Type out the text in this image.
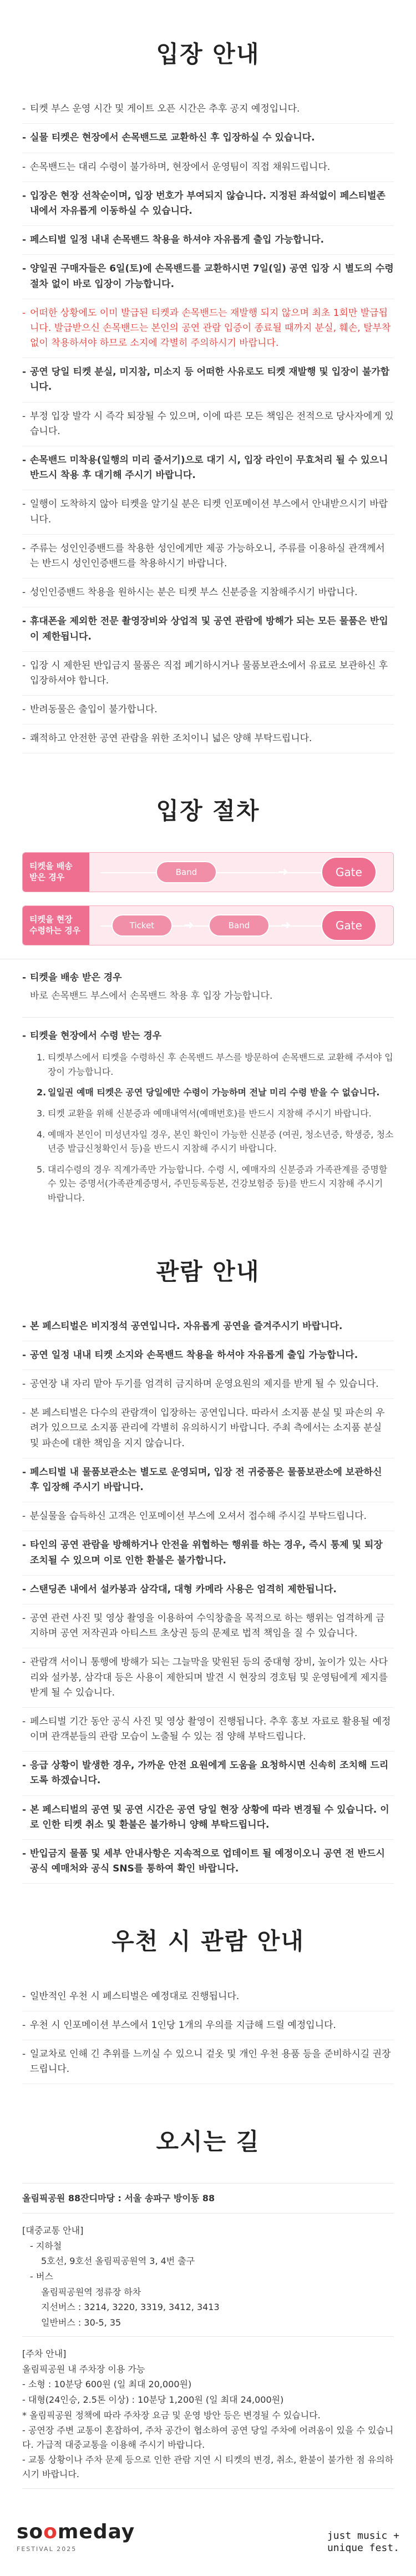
입장 안내
- 티켓 부스 운영 시간 및 게이트 오픈 시간은 추후 공지 예정입니다.
- 실물 티켓은 현장에서 손목밴드로 교환하신 후 입장하실 수 있습니다.
- 손목밴드는 대리 수령이 불가하며, 현장에서 운영팀이 직접 채워드립니다.
- 입장은 현장 선착순이며, 입장 번호가 부여되지 않습니다. 지정된 좌석없이 페스티벌존 내에서 자유롭게 이동하실 수 있습니다.
- 페스티벌 일정 내내 손목밴드 착용을 하셔야 자유롭게 출입 가능합니다.
- 양일권 구매자들은 6일(토)에 손목밴드를 교환하시면 7일(일) 공연 입장 시 별도의 수령절차 없이 바로 입장이 가능합니다.
- 어떠한 상황에도 이미 발급된 티켓과 손목밴드는 재발행 되지 않으며 최초 1회만 발급됩니다. 발급받으신 손목밴드는 본인의 공연 관람 입증이 종료될 때까지 분실, 훼손, 탈부착없이 착용하셔야 하므로 소지에 각별히 주의하시기 바랍니다.
- 공연 당일 티켓 분실, 미지참, 미소지 등 어떠한 사유로도 티켓 재발행 및 입장이 불가합니다.
- 부정 입장 발각 시 즉각 퇴장될 수 있으며, 이에 따른 모든 책임은 전적으로 당사자에게 있습니다.
- 손목밴드 미착용(일행의 미리 줄서기)으로 대기 시, 입장 라인이 무효처리 될 수 있으니 반드시 착용 후 대기해 주시기 바랍니다.
- 일행이 도착하지 않아 티켓을 알기실 분은 티켓 인포메이션 부스에서 안내받으시기 바랍니다.
- 주류는 성인인증밴드를 착용한 성인에게만 제공 가능하오니, 주류를 이용하실 관객께서는 반드시 성인인증밴드를 착용하시기 바랍니다.
- 성인인증밴드 착용을 원하시는 분은 티켓 부스 신분증을 지참해주시기 바랍니다.
- 휴대폰을 제외한 전문 촬영장비와 상업적 및 공연 관람에 방해가 되는 모든 물품은 반입이 제한됩니다.
- 입장 시 제한된 반입금지 물품은 직접 폐기하시거나 물품보관소에서 유료로 보관하신 후 입장하셔야 합니다.
- 반려동물은 출입이 불가합니다.
- 쾌적하고 안전한 공연 관람을 위한 조치이니 넓은 양해 부탁드립니다.
입장 절차
티켓을 배송 받은 경우	Band	➜	Gate
티켓을 현장 수령하는 경우	Ticket	➜	Band	➜	Gate
- 티켓을 배송 받은 경우
바로 손목밴드 부스에서 손목밴드 착용 후 입장 가능합니다.
- 티켓을 현장에서 수령 받는 경우
1. 티켓부스에서 티켓을 수령하신 후 손목밴드 부스를 방문하여 손목밴드로 교환해 주셔야 입장이 가능합니다.
2. 일일권 예매 티켓은 공연 당일에만 수령이 가능하며 전날 미리 수령 받을 수 없습니다.
3. 티켓 교환을 위해 신분증과 예매내역서(예매번호)를 반드시 지참해 주시기 바랍니다.
4. 예매자 본인이 미성년자일 경우, 본인 확인이 가능한 신분증 (여권, 청소년증, 학생증, 청소년증 발급신청확인서 등)을 반드시 지참해 주시기 바랍니다.
5. 대리수령의 경우 직계가족만 가능합니다. 수령 시, 예매자의 신분증과 가족관계를 증명할 수 있는 증명서(가족관계증명서, 주민등록등본, 건강보험증 등)를 반드시 지참해 주시기 바랍니다.
관람 안내
- 본 페스티벌은 비지정석 공연입니다. 자유롭게 공연을 즐겨주시기 바랍니다.
- 공연 일정 내내 티켓 소지와 손목밴드 착용을 하셔야 자유롭게 출입 가능합니다.
- 공연장 내 자리 맡아 두기를 엄격히 금지하며 운영요원의 제지를 받게 될 수 있습니다.
- 본 페스티벌은 다수의 관람객이 입장하는 공연입니다. 따라서 소지품 분실 및 파손의 우려가 있으므로 소지품 관리에 각별히 유의하시기 바랍니다. 주최 측에서는 소지품 분실 및 파손에 대한 책임을 지지 않습니다.
- 페스티벌 내 물품보관소는 별도로 운영되며, 입장 전 귀중품은 물품보관소에 보관하신 후 입장해 주시기 바랍니다.
- 분실물을 습득하신 고객은 인포메이션 부스에 오셔서 접수해 주시길 부탁드립니다.
- 타인의 공연 관람을 방해하거나 안전을 위협하는 행위를 하는 경우, 즉시 통제 및 퇴장 조치될 수 있으며 이로 인한 환불은 불가합니다.
- 스탠딩존 내에서 설카봉과 삼각대, 대형 카메라 사용은 엄격히 제한됩니다.
- 공연 관련 사진 및 영상 촬영을 이용하여 수익창출을 목적으로 하는 행위는 엄격하게 금지하며 공연 저작권과 아티스트 초상권 등의 문제로 법적 책임을 질 수 있습니다.
- 관람객 서이니 통행에 방해가 되는 그늘막을 맞원된 등의 중대형 장비, 높이가 있는 사다리와 설카봉, 삼각대 등은 사용이 제한되며 발견 시 현장의 경호팀 및 운영팀에게 제지를 받게 될 수 있습니다.
- 페스티벌 기간 동안 공식 사진 및 영상 촬영이 진행됩니다. 추후 홍보 자료로 활용될 예정이며 관객분들의 관람 모습이 노출될 수 있는 점 양해 부탁드립니다.
- 응급 상황이 발생한 경우, 가까운 안전 요원에게 도움을 요청하시면 신속히 조치해 드리도록 하겠습니다.
- 본 페스티벌의 공연 및 공연 시간은 공연 당일 현장 상황에 따라 변경될 수 있습니다. 이로 인한 티켓 취소 및 환불은 불가하니 양해 부탁드립니다.
- 반입금지 물품 및 세부 안내사항은 지속적으로 업데이트 될 예정이오니 공연 전 반드시 공식 예매처와 공식 SNS를 통하여 확인 바랍니다.
우천 시 관람 안내
- 일반적인 우천 시 페스티벌은 예정대로 진행됩니다.
- 우천 시 인포메이션 부스에서 1인당 1개의 우의를 지급해 드릴 예정입니다.
- 일교차로 인해 긴 추위를 느끼실 수 있으니 겉옷 및 개인 우천 용품 등을 준비하시길 권장드립니다.
오시는 길
올림픽공원 88잔디마당 : 서울 송파구 방이동 88

[대중교통 안내]

- 지하철

5호선, 9호선 올림픽공원역 3, 4번 출구

- 버스

올림픽공원역 정류장 하차

지선버스 : 3214, 3220, 3319, 3412, 3413

일반버스 : 30-5, 35

[주차 안내]

올림픽공원 내 주차장 이용 가능

- 소형 : 10분당 600원 (일 최대 20,000원)

- 대형(24인승, 2.5톤 이상) : 10분당 1,200원 (일 최대 24,000원)

* 올림픽공원 정책에 따라 주차장 요금 및 운영 방안 등은 변경될 수 있습니다.

- 공연장 주변 교통이 혼잡하여, 주차 공간이 협소하여 공연 당일 주차에 어려움이 있을 수 있습니다. 가급적 대중교통을 이용해 주시기 바랍니다.

- 교통 상황이나 주차 문제 등으로 인한 관람 지연 시 티켓의 변경, 취소, 환불이 불가한 점 유의하시기 바랍니다.

soomeday
FESTIVAL 2025
just music +
unique fest.
